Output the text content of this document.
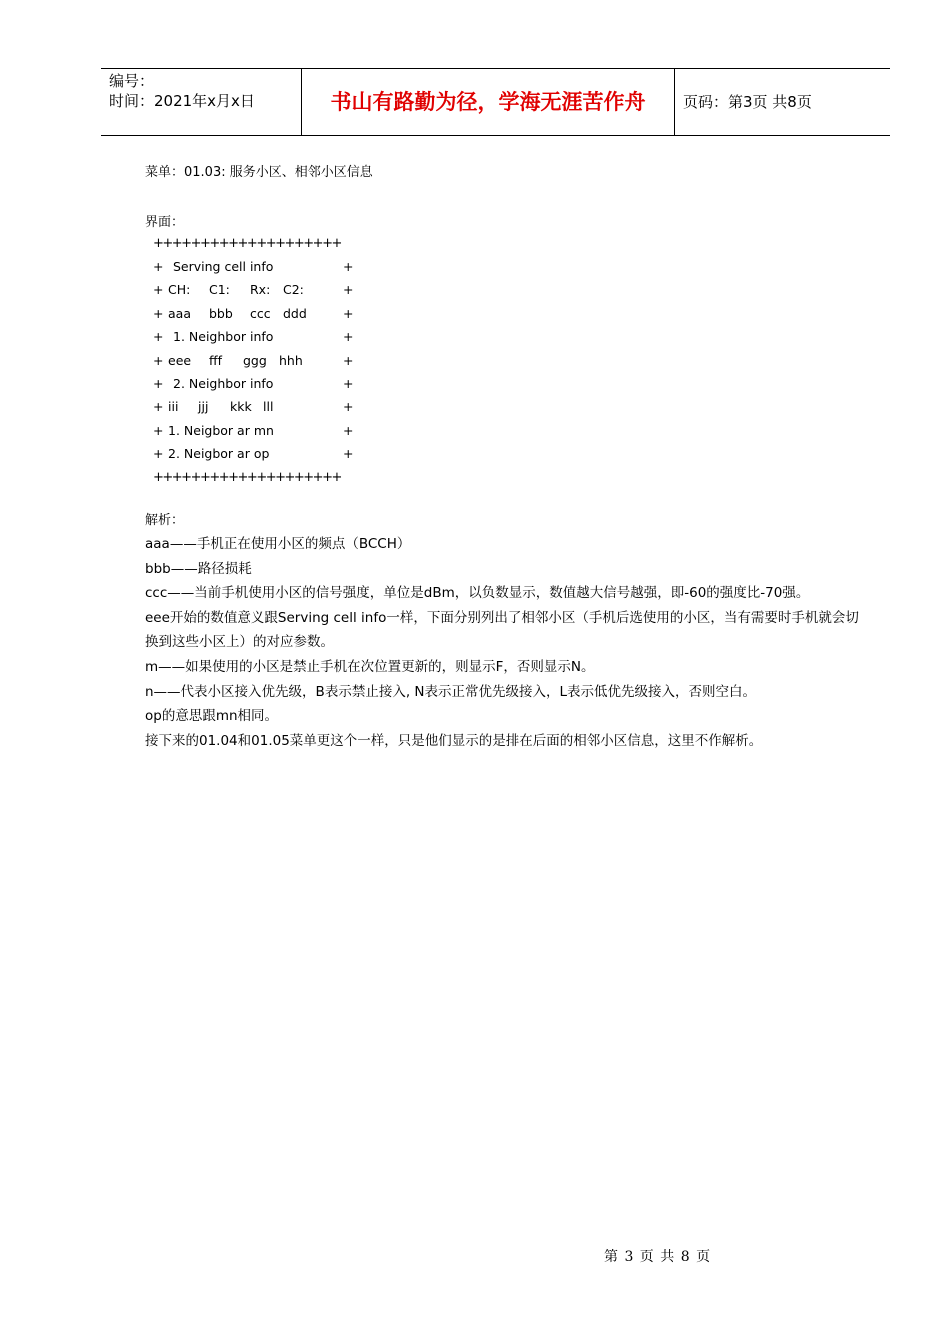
编号：
时间：2021年x月x日	书山有路勤为径，学海无涯苦作舟	页码：第3页 共8页
菜单：01.03: 服务小区、相邻小区信息
界面：
++++++++++++++++++++
+ Serving cell info	+
+ CH: C1: Rx: C2:	+
+ aaa bbb ccc ddd	+
+ 1. Neighbor info	+
+ eee fff ggg hhh	+
+ 2. Neighbor info	+
+ iii jjj kkk lll	+
+ 1. Neigbor ar mn	+
+ 2. Neigbor ar op	+
++++++++++++++++++++
解析：

aaa——手机正在使用小区的频点（BCCH）

bbb——路径损耗

ccc——当前手机使用小区的信号强度，单位是dBm，以负数显示，数值越大信号越强，即-60的强度比-70强。

eee开始的数值意义跟Serving cell info一样，下面分别列出了相邻小区（手机后选使用的小区，当有需要时手机就会切换到这些小区上）的对应参数。

m——如果使用的小区是禁止手机在次位置更新的，则显示F，否则显示N。

n——代表小区接入优先级，B表示禁止接入, N表示正常优先级接入，L表示低优先级接入，否则空白。

op的意思跟mn相同。

接下来的01.04和01.05菜单更这个一样，只是他们显示的是排在后面的相邻小区信息，这里不作解析。

第 3 页 共 8 页
